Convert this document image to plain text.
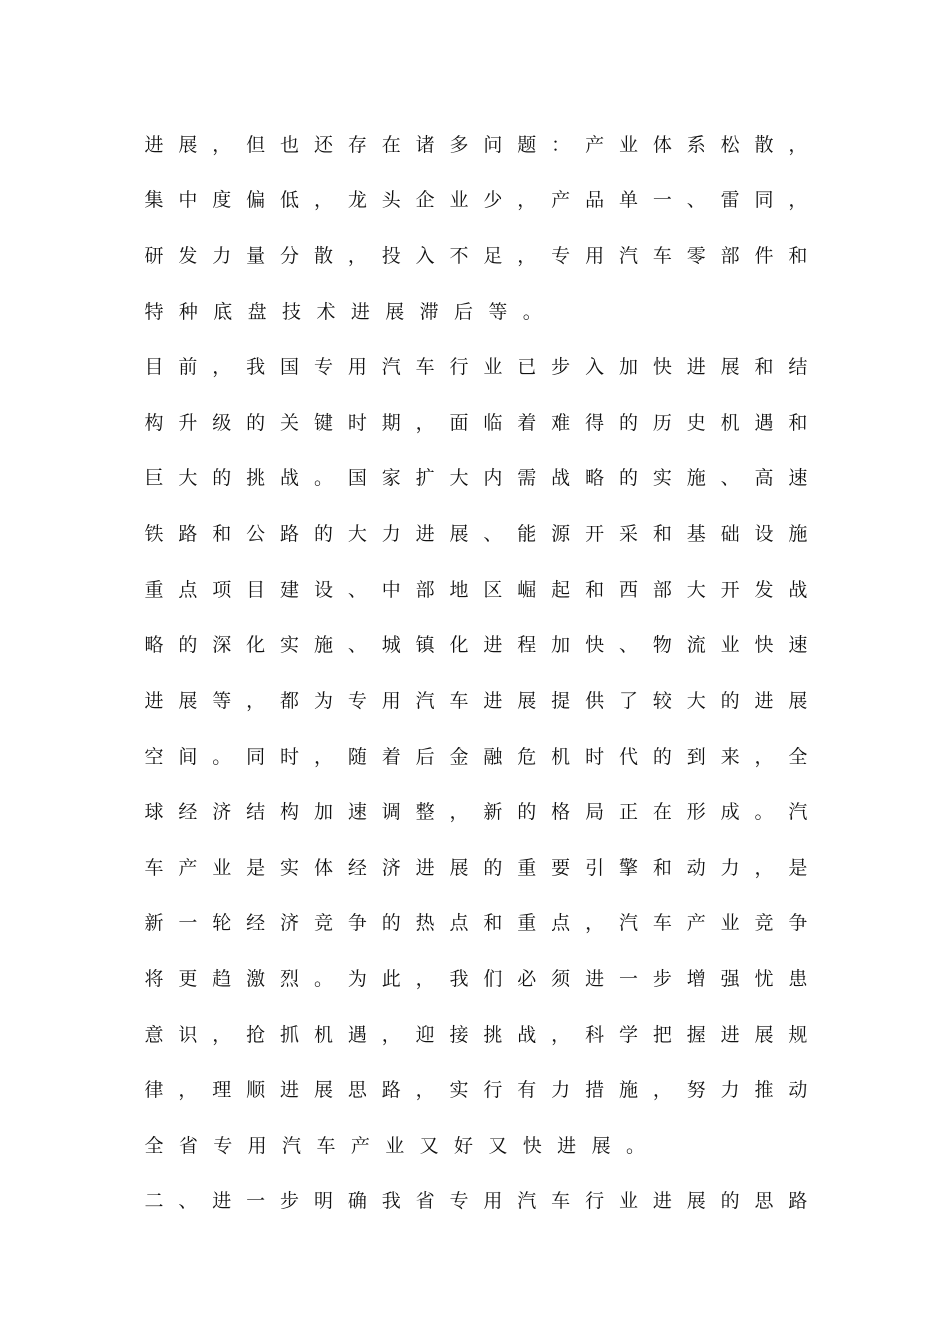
进 展 ， 但 也 还 存 在 诸 多 问 题 ： 产 业 体 系 松 散 ，
集 中 度 偏 低 ， 龙 头 企 业 少 ， 产 品 单 一 、 雷 同 ，
研 发 力 量 分 散 ， 投 入 不 足 ， 专 用 汽 车 零 部 件 和
特 种 底 盘 技 术 进 展 滞 后 等 。
目 前 ， 我 国 专 用 汽 车 行 业 已 步 入 加 快 进 展 和 结
构 升 级 的 关 键 时 期 ， 面 临 着 难 得 的 历 史 机 遇 和
巨 大 的 挑 战 。 国 家 扩 大 内 需 战 略 的 实 施 、 高 速
铁 路 和 公 路 的 大 力 进 展 、 能 源 开 采 和 基 础 设 施
重 点 项 目 建 设 、 中 部 地 区 崛 起 和 西 部 大 开 发 战
略 的 深 化 实 施 、 城 镇 化 进 程 加 快 、 物 流 业 快 速
进 展 等 ， 都 为 专 用 汽 车 进 展 提 供 了 较 大 的 进 展
空 间 。 同 时 ， 随 着 后 金 融 危 机 时 代 的 到 来 ， 全
球 经 济 结 构 加 速 调 整 ， 新 的 格 局 正 在 形 成 。 汽
车 产 业 是 实 体 经 济 进 展 的 重 要 引 擎 和 动 力 ， 是
新 一 轮 经 济 竞 争 的 热 点 和 重 点 ， 汽 车 产 业 竞 争
将 更 趋 激 烈 。 为 此 ， 我 们 必 须 进 一 步 增 强 忧 患
意 识 ， 抢 抓 机 遇 ， 迎 接 挑 战 ， 科 学 把 握 进 展 规
律 ， 理 顺 进 展 思 路 ， 实 行 有 力 措 施 ， 努 力 推 动
全 省 专 用 汽 车 产 业 又 好 又 快 进 展 。
二 、 进 一 步 明 确 我 省 专 用 汽 车 行 业 进 展 的 思 路
